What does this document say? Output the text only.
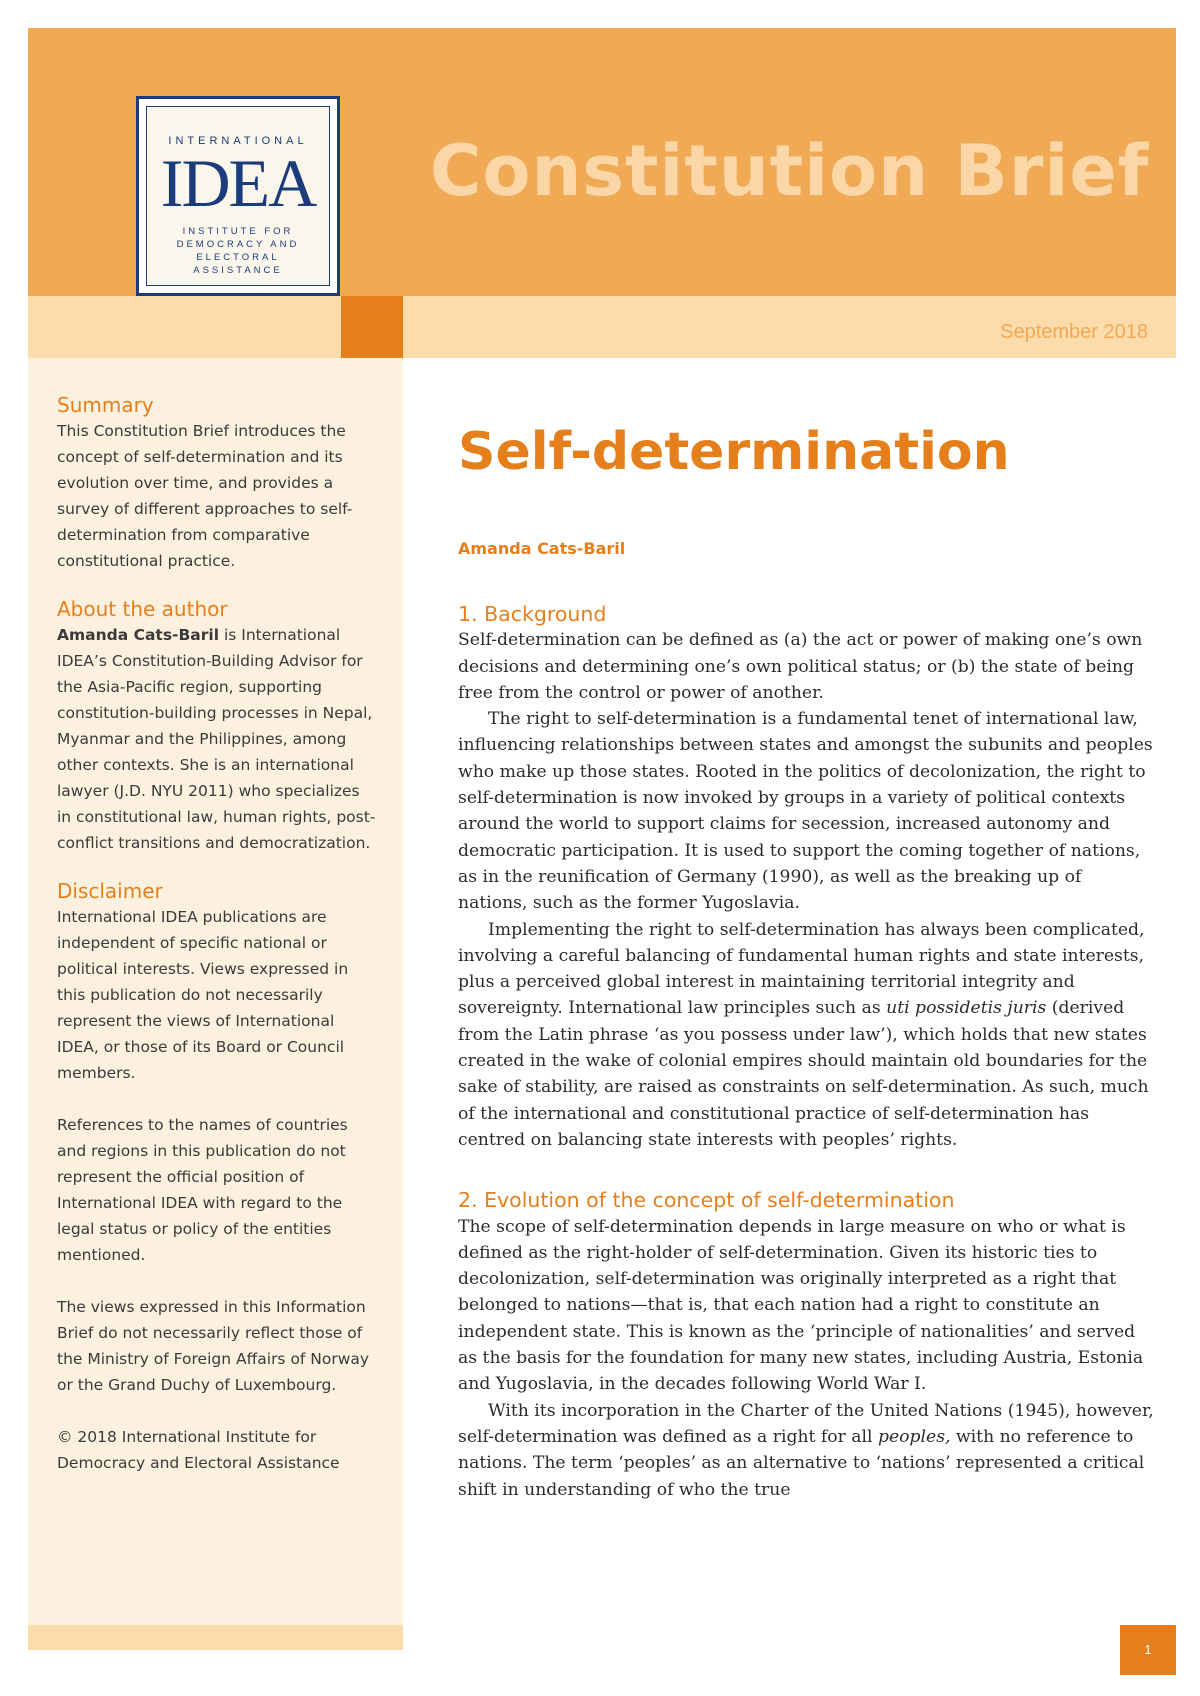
INTERNATIONAL
IDEA
INSTITUTE FOR
DEMOCRACY AND
ELECTORAL
ASSISTANCE
Constitution Brief
September 2018
Summary
This Constitution Brief introduces the concept of self-determination and its evolution over time, and provides a survey of different approaches to self-determination from comparative constitutional practice.
About the author
Amanda Cats-Baril is International IDEA’s Constitution-Building Advisor for the Asia-Pacific region, supporting constitution-building processes in Nepal, Myanmar and the Philippines, among other contexts. She is an international lawyer (J.D. NYU 2011) who specializes in constitutional law, human rights, post-conflict transitions and democratization.
Disclaimer
International IDEA publications are independent of specific national or political interests. Views expressed in this publication do not necessarily represent the views of International IDEA, or those of its Board or Council members.
References to the names of countries and regions in this publication do not represent the official position of International IDEA with regard to the legal status or policy of the entities mentioned.
The views expressed in this Information Brief do not necessarily reflect those of the Ministry of Foreign Affairs of Norway or the Grand Duchy of Luxembourg.
© 2018 International Institute for Democracy and Electoral Assistance
Self-determination
Amanda Cats-Baril
1. Background

Self-determination can be defined as (a) the act or power of making one’s own decisions and determining one’s own political status; or (b) the state of being free from the control or power of another.

The right to self-determination is a fundamental tenet of international law, influencing relationships between states and amongst the subunits and peoples who make up those states. Rooted in the politics of decolonization, the right to self-determination is now invoked by groups in a variety of political contexts around the world to support claims for secession, increased autonomy and democratic participation. It is used to support the coming together of nations, as in the reunification of Germany (1990), as well as the breaking up of nations, such as the former Yugoslavia.

Implementing the right to self-determination has always been complicated, involving a careful balancing of fundamental human rights and state interests, plus a perceived global interest in maintaining territorial integrity and sovereignty. International law principles such as uti possidetis juris (derived from the Latin phrase ‘as you possess under law’), which holds that new states created in the wake of colonial empires should maintain old boundaries for the sake of stability, are raised as constraints on self-determination. As such, much of the international and constitutional practice of self-determination has centred on balancing state interests with peoples’ rights.

2. Evolution of the concept of self-determination

The scope of self-determination depends in large measure on who or what is defined as the right-holder of self-determination. Given its historic ties to decolonization, self-determination was originally interpreted as a right that belonged to nations—that is, that each nation had a right to constitute an independent state. This is known as the ‘principle of nationalities’ and served as the basis for the foundation for many new states, including Austria, Estonia and Yugoslavia, in the decades following World War I.

With its incorporation in the Charter of the United Nations (1945), however, self-determination was defined as a right for all peoples, with no reference to nations. The term ‘peoples’ as an alternative to ‘nations’ represented a critical shift in understanding of who the true

1
